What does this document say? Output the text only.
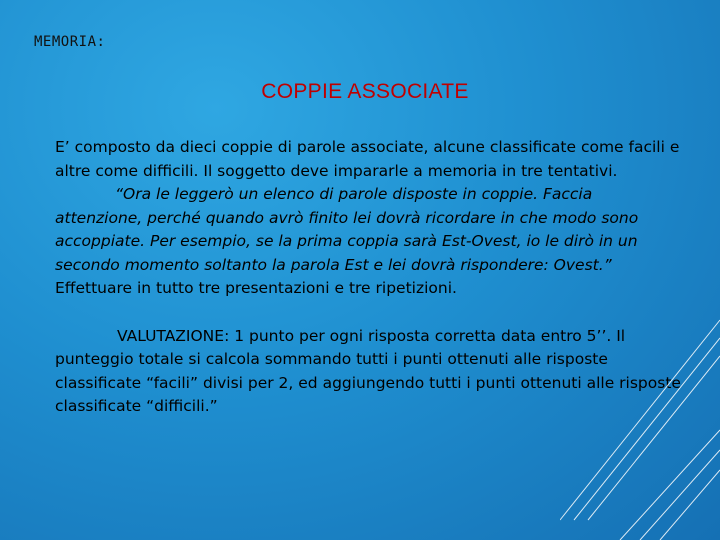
MEMORIA:
COPPIE ASSOCIATE

E’ composto da dieci coppie di parole associate, alcune classificate come facili e altre come difficili. Il soggetto deve impararle a memoria in tre tentativi.

“Ora le leggerò un elenco di parole disposte in coppie. Faccia attenzione, perché quando avrò finito lei dovrà ricordare in che modo sono accoppiate. Per esempio, se la prima coppia sarà Est-Ovest, io le dirò in un secondo momento soltanto la parola Est e lei dovrà rispondere: Ovest.” Effettuare in tutto tre presentazioni e tre ripetizioni.

VALUTAZIONE: 1 punto per ogni risposta corretta data entro 5’’. Il punteggio totale si calcola sommando tutti i punti ottenuti alle risposte classificate “facili” divisi per 2, ed aggiungendo tutti i punti ottenuti alle risposte classificate “difficili.”
